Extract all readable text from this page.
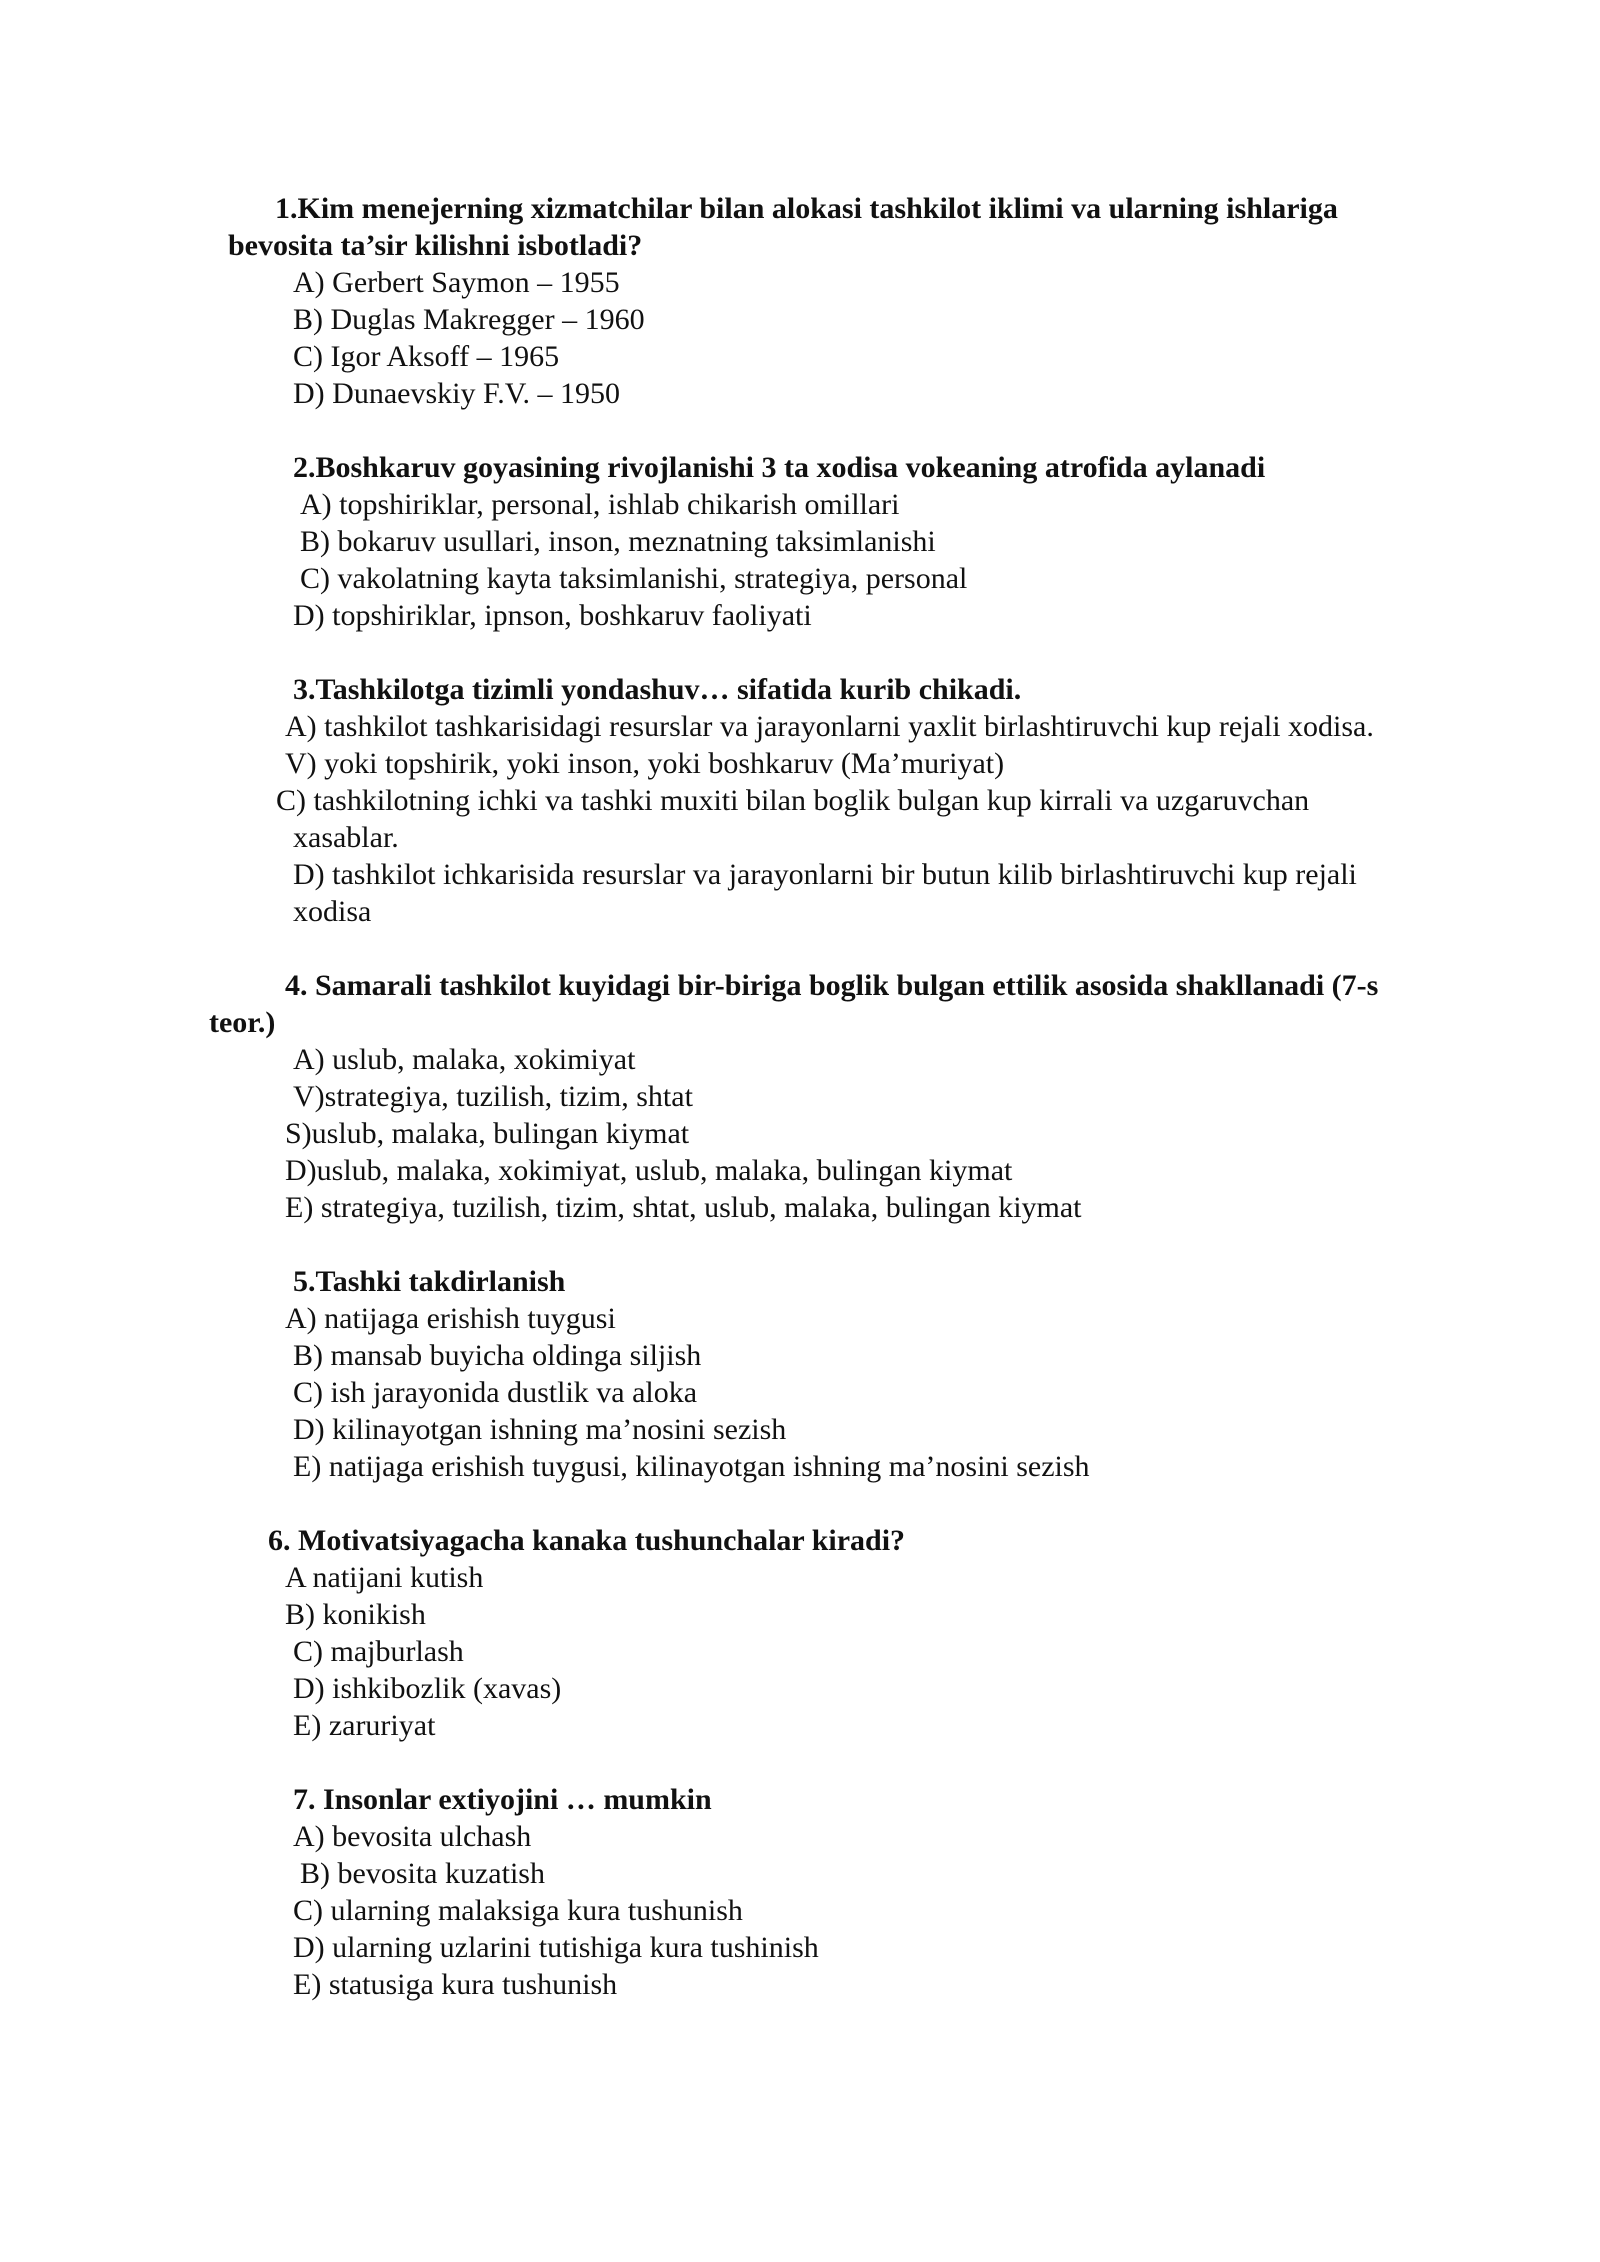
1.Kim menejerning xizmatchilar bilan alokasi tashkilot iklimi va ularning ishlariga
bevosita ta’sir kilishni isbotladi?
A) Gerbert Saymon – 1955
B) Duglas Makregger – 1960
C) Igor Aksoff – 1965
D) Dunaevskiy F.V. – 1950
2.Boshkaruv goyasining rivojlanishi 3 ta xodisa vokeaning atrofida aylanadi
A) topshiriklar, personal, ishlab chikarish omillari
B) bokaruv usullari, inson, meznatning taksimlanishi
C) vakolatning kayta taksimlanishi, strategiya, personal
D) topshiriklar, ipnson, boshkaruv faoliyati
3.Tashkilotga tizimli yondashuv… sifatida kurib chikadi.
A) tashkilot tashkarisidagi resurslar va jarayonlarni yaxlit birlashtiruvchi kup rejali xodisa.
V) yoki topshirik, yoki inson, yoki boshkaruv (Ma’muriyat)
C) tashkilotning ichki va tashki muxiti bilan boglik bulgan kup kirrali va uzgaruvchan
xasablar.
D) tashkilot ichkarisida resurslar va jarayonlarni bir butun kilib birlashtiruvchi kup rejali
xodisa
4. Samarali tashkilot kuyidagi bir-biriga boglik bulgan ettilik asosida shakllanadi (7-s
teor.)
A) uslub, malaka, xokimiyat
V)strategiya, tuzilish, tizim, shtat
S)uslub, malaka, bulingan kiymat
D)uslub, malaka, xokimiyat, uslub, malaka, bulingan kiymat
E) strategiya, tuzilish, tizim, shtat, uslub, malaka, bulingan kiymat
5.Tashki takdirlanish
A) natijaga erishish tuygusi
B) mansab buyicha oldinga siljish
C) ish jarayonida dustlik va aloka
D) kilinayotgan ishning ma’nosini sezish
E) natijaga erishish tuygusi, kilinayotgan ishning ma’nosini sezish
6. Motivatsiyagacha kanaka tushunchalar kiradi?
A natijani kutish
B) konikish
C) majburlash
D) ishkibozlik (xavas)
E) zaruriyat
7. Insonlar extiyojini … mumkin
A) bevosita ulchash
B) bevosita kuzatish
C) ularning malaksiga kura tushunish
D) ularning uzlarini tutishiga kura tushinish
E) statusiga kura tushunish
